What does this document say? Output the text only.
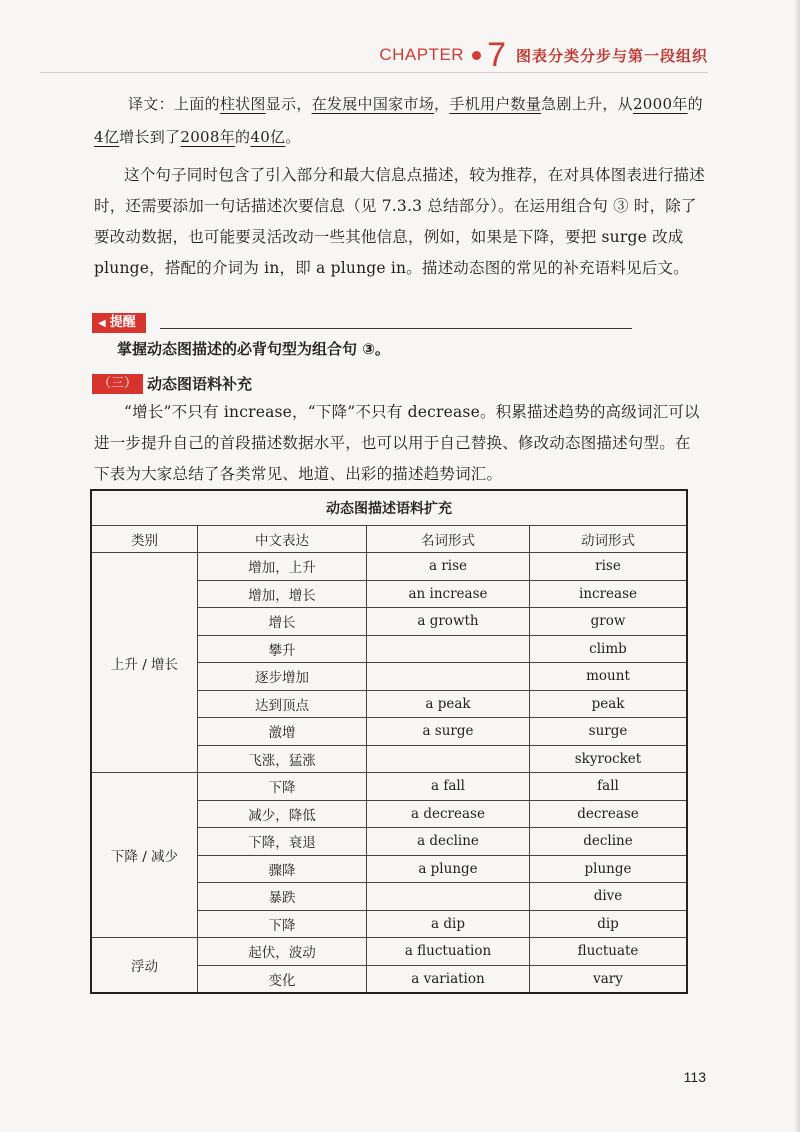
CHAPTER 7 图表分类分步与第一段组织
译文：上面的柱状图显示，在发展中国家市场，手机用户数量急剧上升，从2000年的4亿增长到了2008年的40亿。
这个句子同时包含了引入部分和最大信息点描述，较为推荐，在对具体图表进行描述时，还需要添加一句话描述次要信息（见 7.3.3 总结部分）。在运用组合句 ③ 时，除了要改动数据，也可能要灵活改动一些其他信息，例如，如果是下降，要把 surge 改成 plunge，搭配的介词为 in，即 a plunge in。描述动态图的常见的补充语料见后文。
◀ 提醒
掌握动态图描述的必背句型为组合句 ③。
（三） 动态图语料补充
“增长”不只有 increase，“下降”不只有 decrease。积累描述趋势的高级词汇可以进一步提升自己的首段描述数据水平，也可以用于自己替换、修改动态图描述句型。在下表为大家总结了各类常见、地道、出彩的描述趋势词汇。
动态图描述语料扩充			
类别	中文表达	名词形式	动词形式
上升 / 增长	增加，上升	a rise	rise
	增加，增长	an increase	increase
	增长	a growth	grow
	攀升		climb
	逐步增加		mount
	达到顶点	a peak	peak
	激增	a surge	surge
	飞涨，猛涨		skyrocket
下降 / 减少	下降	a fall	fall
	减少，降低	a decrease	decrease
	下降，衰退	a decline	decline
	骤降	a plunge	plunge
	暴跌		dive
	下降	a dip	dip
浮动	起伏，波动	a fluctuation	fluctuate
	变化	a variation	vary
113
